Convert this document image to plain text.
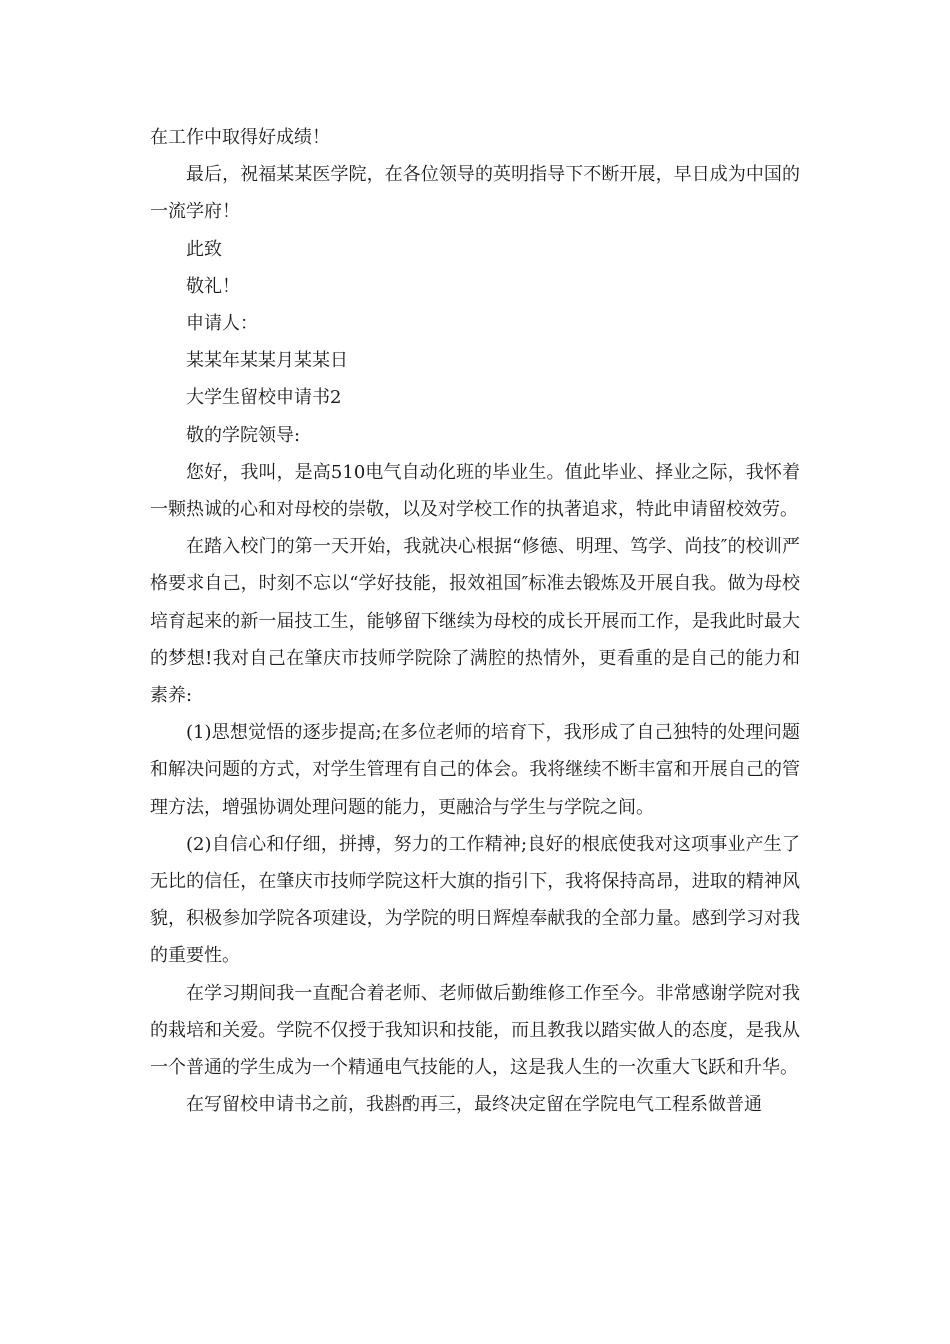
在工作中取得好成绩！

最后，祝福某某医学院，在各位领导的英明指导下不断开展，早日成为中国的一流学府！

此致

敬礼！

申请人：

某某年某某月某某日

大学生留校申请书2

敬的学院领导:

您好，我叫，是高510电气自动化班的毕业生。值此毕业、择业之际，我怀着一颗热诚的心和对母校的崇敬，以及对学校工作的执著追求，特此申请留校效劳。

在踏入校门的第一天开始，我就决心根据“修德、明理、笃学、尚技″的校训严格要求自己，时刻不忘以“学好技能，报效祖国″标准去锻炼及开展自我。做为母校培育起来的新一届技工生，能够留下继续为母校的成长开展而工作，是我此时最大的梦想!我对自己在肇庆市技师学院除了满腔的热情外，更看重的是自己的能力和素养:

(1)思想觉悟的逐步提高;在多位老师的培育下，我形成了自己独特的处理问题和解决问题的方式，对学生管理有自己的体会。我将继续不断丰富和开展自己的管理方法，增强协调处理问题的能力，更融洽与学生与学院之间。

(2)自信心和仔细，拼搏，努力的工作精神;良好的根底使我对这项事业产生了无比的信任，在肇庆市技师学院这杆大旗的指引下，我将保持高昂，进取的精神风貌，积极参加学院各项建设，为学院的明日辉煌奉献我的全部力量。感到学习对我的重要性。

在学习期间我一直配合着老师、老师做后勤维修工作至今。非常感谢学院对我的栽培和关爱。学院不仅授于我知识和技能，而且教我以踏实做人的态度，是我从一个普通的学生成为一个精通电气技能的人，这是我人生的一次重大飞跃和升华。

在写留校申请书之前，我斟酌再三，最终决定留在学院电气工程系做普通
